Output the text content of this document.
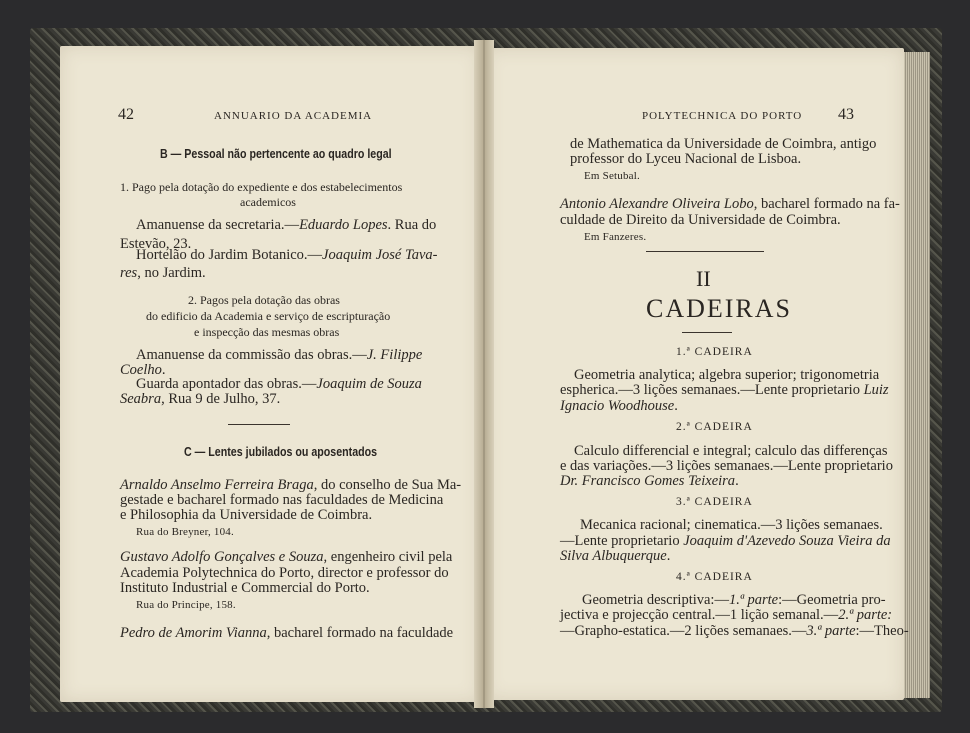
42	ANNUARIO DA ACADEMIA
B — Pessoal não pertencente ao quadro legal
1. Pago pela dotação do expediente e dos estabelecimentos
academicos
Amanuense da secretaria.—Eduardo Lopes. Rua do
Estevão, 23.
Hortelão do Jardim Botanico.—Joaquim José Tava-
res, no Jardim.
2. Pagos pela dotação das obras
do edificio da Academia e serviço de escripturação
e inspecção das mesmas obras
Amanuense da commissão das obras.—J. Filippe
Coelho.
Guarda apontador das obras.—Joaquim de Souza
Seabra, Rua 9 de Julho, 37.
C — Lentes jubilados ou aposentados
Arnaldo Anselmo Ferreira Braga, do conselho de Sua Ma-
gestade e bacharel formado nas faculdades de Medicina
e Philosophia da Universidade de Coimbra.
Rua do Breyner, 104.
Gustavo Adolfo Gonçalves e Souza, engenheiro civil pela
Academia Polytechnica do Porto, director e professor do
Instituto Industrial e Commercial do Porto.
Rua do Principe, 158.
Pedro de Amorim Vianna, bacharel formado na faculdade
POLYTECHNICA DO PORTO 43
de Mathematica da Universidade de Coimbra, antigo
professor do Lyceu Nacional de Lisboa.
Em Setubal.
Antonio Alexandre Oliveira Lobo, bacharel formado na fa-
culdade de Direito da Universidade de Coimbra.
Em Fanzeres.
II
CADEIRAS
1.ª CADEIRA
Geometria analytica; algebra superior; trigonometria
espherica.—3 lições semanaes.—Lente proprietario Luiz
Ignacio Woodhouse.
2.ª CADEIRA
Calculo differencial e integral; calculo das differenças
e das variações.—3 lições semanaes.—Lente proprietario
Dr. Francisco Gomes Teixeira.
3.ª CADEIRA
Mecanica racional; cinematica.—3 lições semanaes.
—Lente proprietario Joaquim d'Azevedo Souza Vieira da
Silva Albuquerque.
4.ª CADEIRA
Geometria descriptiva:—1.ª parte:—Geometria pro-
jectiva e projecção central.—1 lição semanal.—2.ª parte:
—Grapho-estatica.—2 lições semanaes.—3.ª parte:—Theo-
